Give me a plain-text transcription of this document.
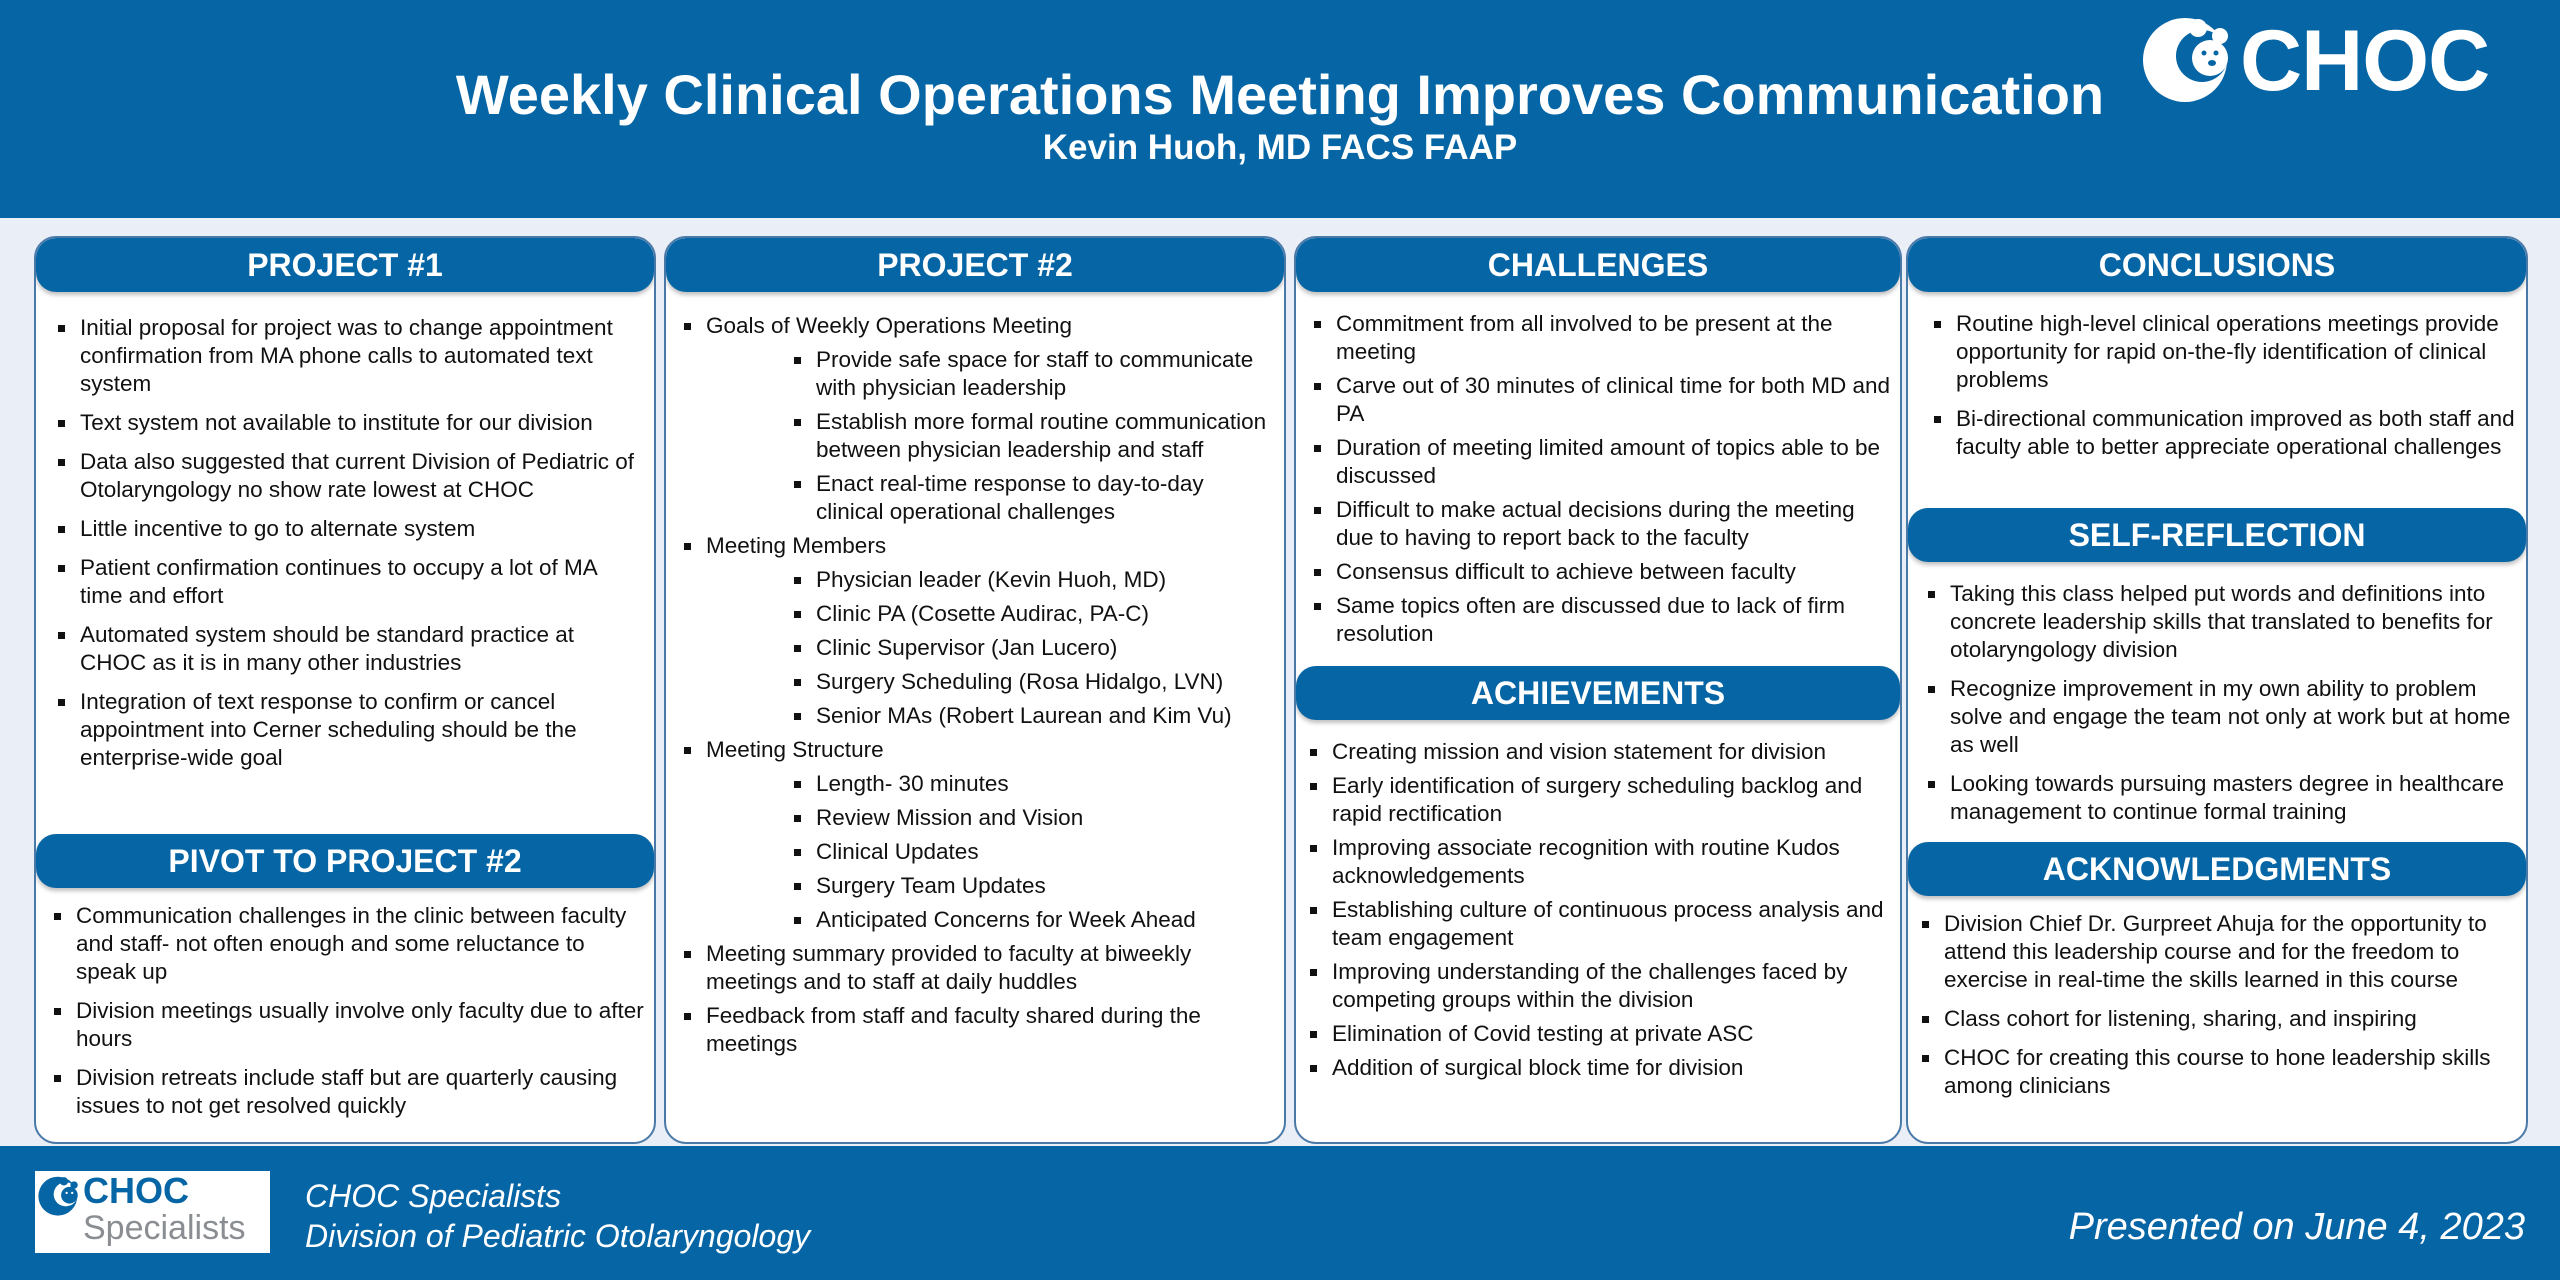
Weekly Clinical Operations Meeting Improves Communication
Kevin Huoh, MD FACS FAAP
CHOC
PROJECT #1
Initial proposal for project was to change appointment confirmation from MA phone calls to automated text system
Text system not available to institute for our division
Data also suggested that current Division of Pediatric of Otolaryngology no show rate lowest at CHOC
Little incentive to go to alternate system
Patient confirmation continues to occupy a lot of MA time and effort
Automated system should be standard practice at CHOC as it is in many other industries
Integration of text response to confirm or cancel appointment into Cerner scheduling should be the enterprise-wide goal
PIVOT TO PROJECT #2
Communication challenges in the clinic between faculty and staff- not often enough and some reluctance to speak up
Division meetings usually involve only faculty due to after hours
Division retreats include staff but are quarterly causing issues to not get resolved quickly
PROJECT #2
Goals of Weekly Operations Meeting
Provide safe space for staff to communicate with physician leadership
Establish more formal routine communication between physician leadership and staff
Enact real-time response to day-to-day clinical operational challenges
Meeting Members
Physician leader (Kevin Huoh, MD)
Clinic PA (Cosette Audirac, PA-C)
Clinic Supervisor (Jan Lucero)
Surgery Scheduling (Rosa Hidalgo, LVN)
Senior MAs (Robert Laurean and Kim Vu)
Meeting Structure
Length- 30 minutes
Review Mission and Vision
Clinical Updates
Surgery Team Updates
Anticipated Concerns for Week Ahead
Meeting summary provided to faculty at biweekly meetings and to staff at daily huddles
Feedback from staff and faculty shared during the meetings
CHALLENGES
Commitment from all involved to be present at the meeting
Carve out of 30 minutes of clinical time for both MD and PA
Duration of meeting limited amount of topics able to be discussed
Difficult to make actual decisions during the meeting due to having to report back to the faculty
Consensus difficult to achieve between faculty
Same topics often are discussed due to lack of firm resolution
ACHIEVEMENTS
Creating mission and vision statement for division
Early identification of surgery scheduling backlog and rapid rectification
Improving associate recognition with routine Kudos acknowledgements
Establishing culture of continuous process analysis and team engagement
Improving understanding of the challenges faced by competing groups within the division
Elimination of Covid testing at private ASC
Addition of surgical block time for division
CONCLUSIONS
Routine high-level clinical operations meetings provide opportunity for rapid on-the-fly identification of clinical problems
Bi-directional communication improved as both staff and faculty able to better appreciate operational challenges
SELF-REFLECTION
Taking this class helped put words and definitions into concrete leadership skills that translated to benefits for otolaryngology division
Recognize improvement in my own ability to problem solve and engage the team not only at work but at home as well
Looking towards pursuing masters degree in healthcare management to continue formal training
ACKNOWLEDGMENTS
Division Chief Dr. Gurpreet Ahuja for the opportunity to attend this leadership course and for the freedom to exercise in real-time the skills learned in this course
Class cohort for listening, sharing, and inspiring
CHOC for creating this course to hone leadership skills among clinicians
CHOC
Specialists
CHOC Specialists
Division of Pediatric Otolaryngology	Presented on June 4, 2023
